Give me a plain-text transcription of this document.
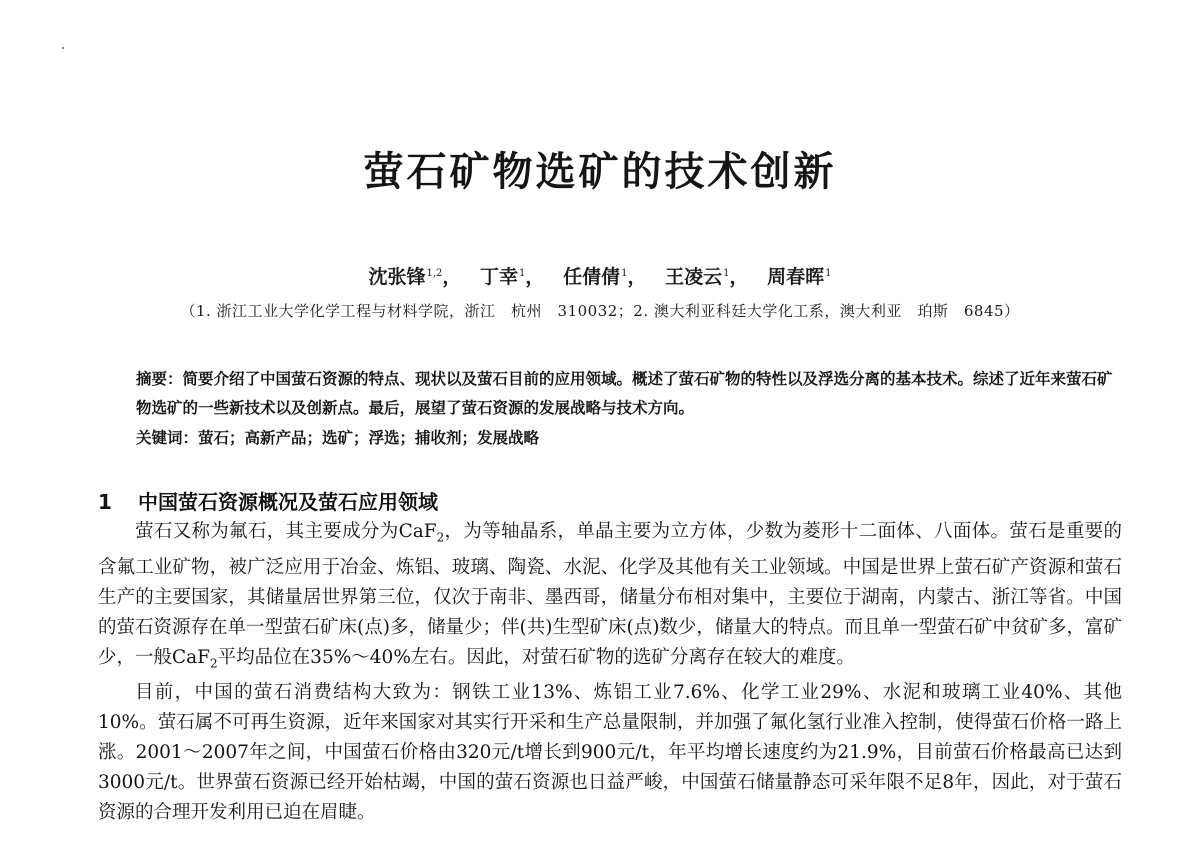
萤石矿物选矿的技术创新
沈张锋$^{1,2}$， 丁幸$^1$， 任倩倩$^1$， 王凌云$^1$， 周春晖$^1$
（1. 浙江工业大学化学工程与材料学院，浙江　杭州　310032；2. 澳大利亚科廷大学化工系，澳大利亚　珀斯　6845）
摘要：简要介绍了中国萤石资源的特点、现状以及萤石目前的应用领域。概述了萤石矿物的特性以及浮选分离的基本技术。综述了近年来萤石矿物选矿的一些新技术以及创新点。最后，展望了萤石资源的发展战略与技术方向。
关键词：萤石；高新产品；选矿；浮选；捕收剂；发展战略
1 中国萤石资源概况及萤石应用领域

萤石又称为氟石，其主要成分为CaF$_2$，为等轴晶系，单晶主要为立方体，少数为菱形十二面体、八面体。萤石是重要的含氟工业矿物，被广泛应用于冶金、炼铝、玻璃、陶瓷、水泥、化学及其他有关工业领域。中国是世界上萤石矿产资源和萤石生产的主要国家，其储量居世界第三位，仅次于南非、墨西哥，储量分布相对集中，主要位于湖南，内蒙古、浙江等省。中国的萤石资源存在单一型萤石矿床(点)多，储量少；伴(共)生型矿床(点)数少，储量大的特点。而且单一型萤石矿中贫矿多，富矿少，一般CaF$_2$平均品位在35%～40%左右。因此，对萤石矿物的选矿分离存在较大的难度。

目前，中国的萤石消费结构大致为：钢铁工业13%、炼铝工业7.6%、化学工业29%、水泥和玻璃工业40%、其他10%。萤石属不可再生资源，近年来国家对其实行开采和生产总量限制，并加强了氟化氢行业准入控制，使得萤石价格一路上涨。2001～2007年之间，中国萤石价格由320元/t增长到900元/t，年平均增长速度约为21.9%，目前萤石价格最高已达到3000元/t。世界萤石资源已经开始枯竭，中国的萤石资源也日益严峻，中国萤石储量静态可采年限不足8年，因此，对于萤石资源的合理开发利用已迫在眉睫。
